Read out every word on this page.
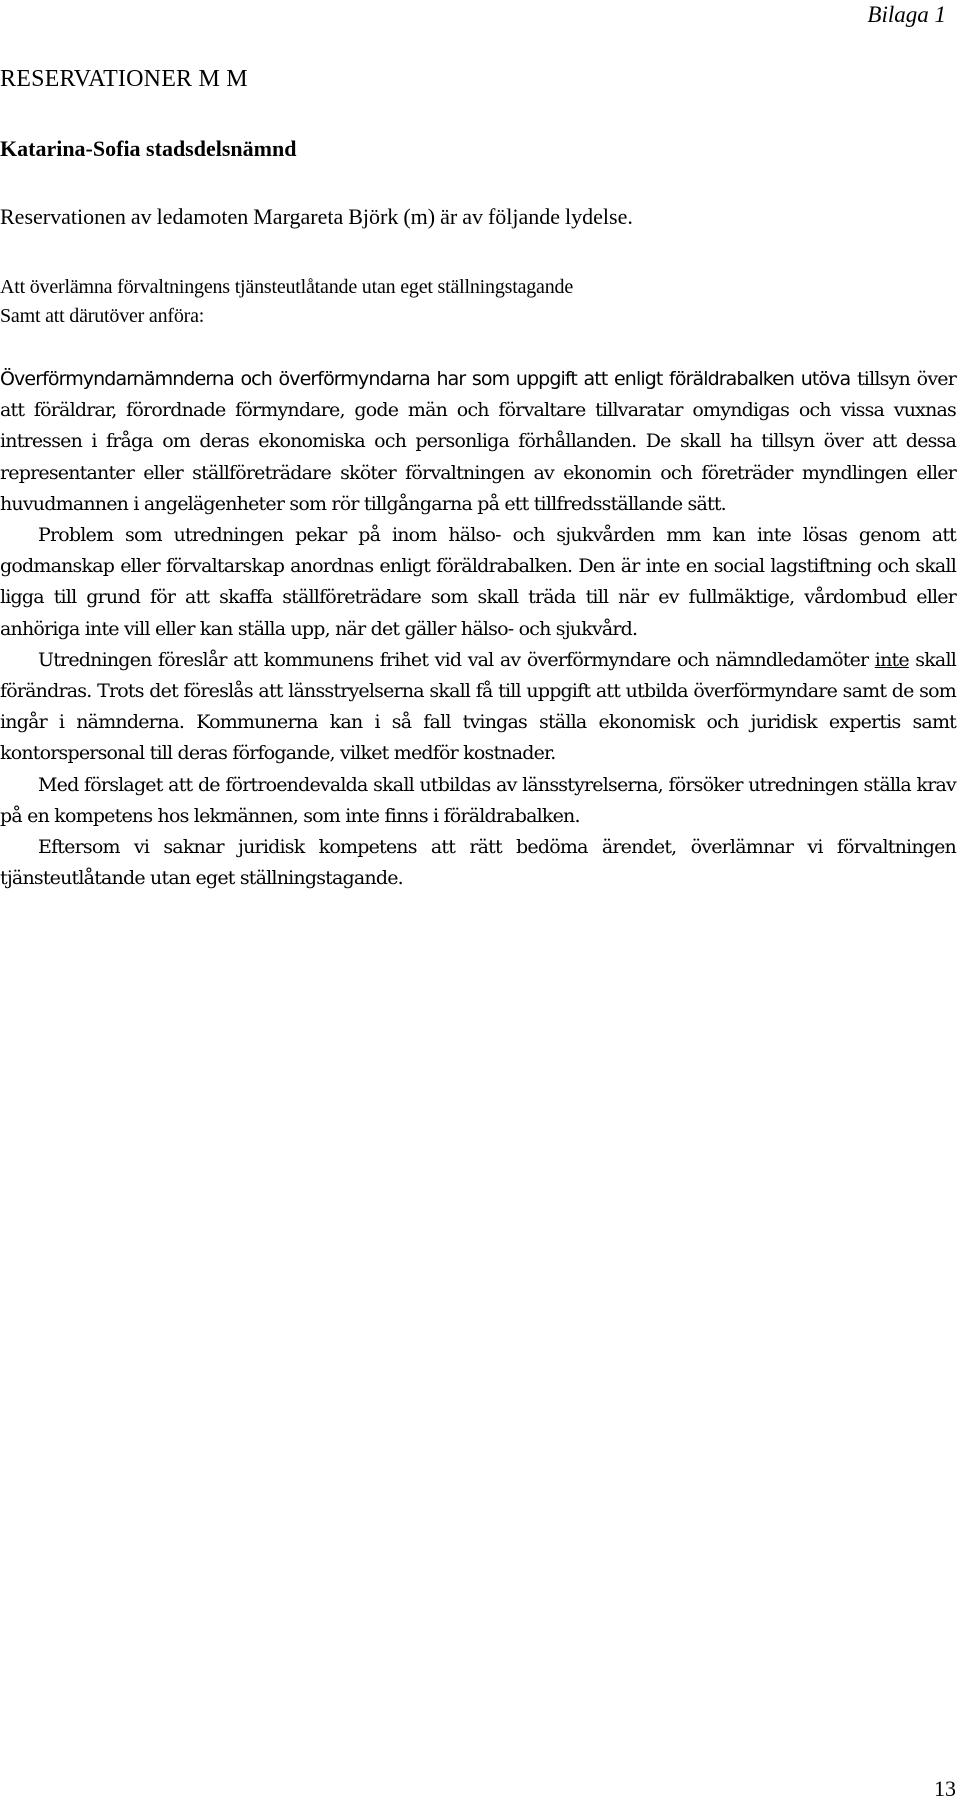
Bilaga 1

RESERVATIONER M M
Katarina-Sofia stadsdelsnämnd

Reservationen av ledamoten Margareta Björk (m) är av följande lydelse.

Att överlämna förvaltningens tjänsteutlåtande utan eget ställningstagande

Samt att därutöver anföra:

Överförmyndarnämnderna och överförmyndarna har som uppgift att enligt föräldrabalken utöva tillsyn över att föräldrar, förordnade förmyndare, gode män och förvaltare tillvaratar omyndigas och vissa vuxnas intressen i fråga om deras ekonomiska och personliga förhållanden. De skall ha tillsyn över att dessa representanter eller ställföreträdare sköter förvaltningen av ekonomin och företräder myndlingen eller huvudmannen i angelägenheter som rör tillgångarna på ett tillfredsställande sätt.

Problem som utredningen pekar på inom hälso- och sjukvården mm kan inte lösas genom att godmanskap eller förvaltarskap anordnas enligt föräldrabalken. Den är inte en social lagstiftning och skall ligga till grund för att skaffa ställföreträdare som skall träda till när ev fullmäktige, vårdombud eller anhöriga inte vill eller kan ställa upp, när det gäller hälso- och sjukvård.

Utredningen föreslår att kommunens frihet vid val av överförmyndare och nämndledamöter inte skall förändras. Trots det föreslås att länsstryelserna skall få till uppgift att utbilda överförmyndare samt de som ingår i nämnderna. Kommunerna kan i så fall tvingas ställa ekonomisk och juridisk expertis samt kontorspersonal till deras förfogande, vilket medför kostnader.

Med förslaget att de förtroendevalda skall utbildas av länsstyrelserna, försöker utredningen ställa krav på en kompetens hos lekmännen, som inte finns i föräldrabalken.

Eftersom vi saknar juridisk kompetens att rätt bedöma ärendet, överlämnar vi förvaltningen tjänsteutlåtande utan eget ställningstagande.

13
